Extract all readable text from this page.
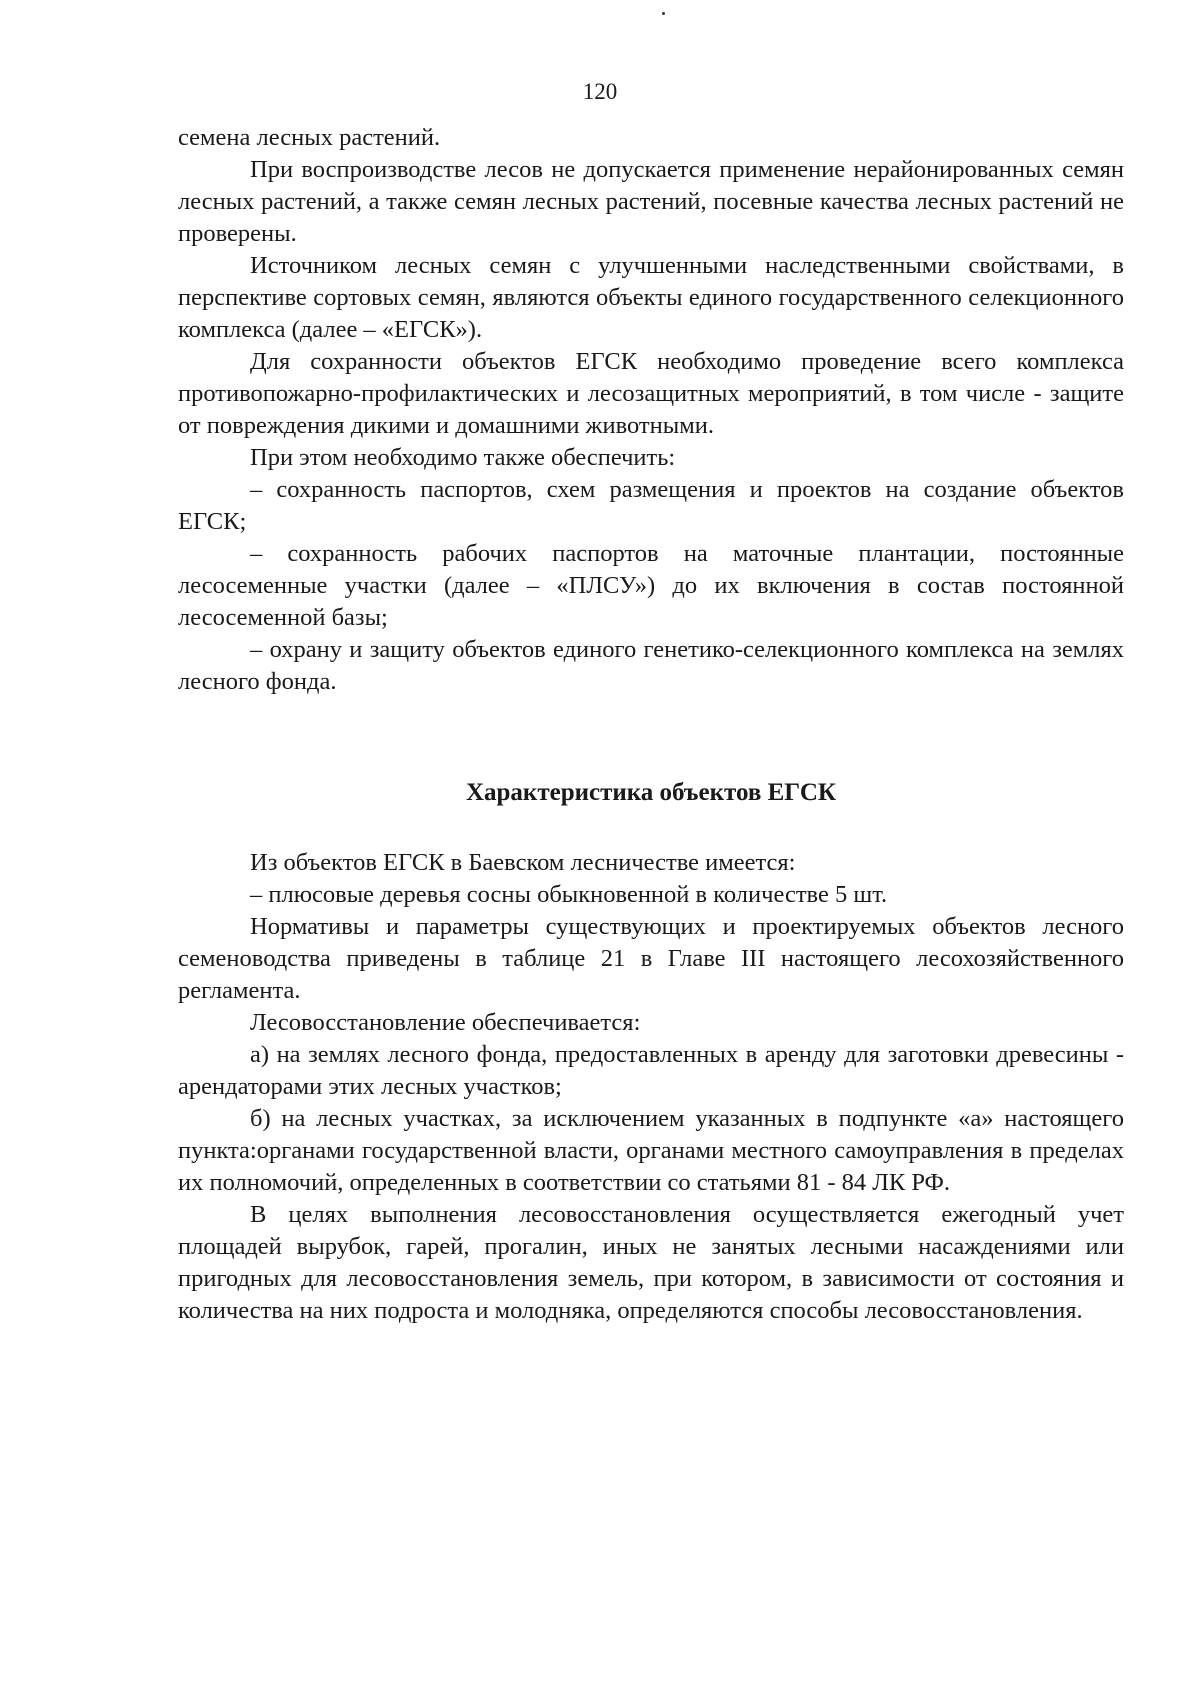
120

семена лесных растений.

При воспроизводстве лесов не допускается применение нерайонированных семян лесных растений, а также семян лесных растений, посевные качества лесных растений не проверены.

Источником лесных семян с улучшенными наследственными свойствами, в перспективе сортовых семян, являются объекты единого государственного селекционного комплекса (далее – «ЕГСК»).

Для сохранности объектов ЕГСК необходимо проведение всего комплекса противопожарно-профилактических и лесозащитных мероприятий, в том числе - защите от повреждения дикими и домашними животными.

При этом необходимо также обеспечить:

– сохранность паспортов, схем размещения и проектов на создание объектов ЕГСК;

– сохранность рабочих паспортов на маточные плантации, постоянные лесосеменные участки (далее – «ПЛСУ») до их включения в состав постоянной лесосеменной базы;

– охрану и защиту объектов единого генетико-селекционного комплекса на землях лесного фонда.

Характеристика объектов ЕГСК

Из объектов ЕГСК в Баевском лесничестве имеется:

– плюсовые деревья сосны обыкновенной в количестве 5 шт.

Нормативы и параметры существующих и проектируемых объектов лесного семеноводства приведены в таблице 21 в Главе III настоящего лесохозяйственного регламента.

Лесовосстановление обеспечивается:

а) на землях лесного фонда, предоставленных в аренду для заготовки древесины - арендаторами этих лесных участков;

б) на лесных участках, за исключением указанных в подпункте «а» настоящего пункта:органами государственной власти, органами местного самоуправления в пределах их полномочий, определенных в соответствии со статьями 81 - 84 ЛК РФ.

В целях выполнения лесовосстановления осуществляется ежегодный учет площадей вырубок, гарей, прогалин, иных не занятых лесными насаждениями или пригодных для лесовосстановления земель, при котором, в зависимости от состояния и количества на них подроста и молодняка, определяются способы лесовосстановления.
